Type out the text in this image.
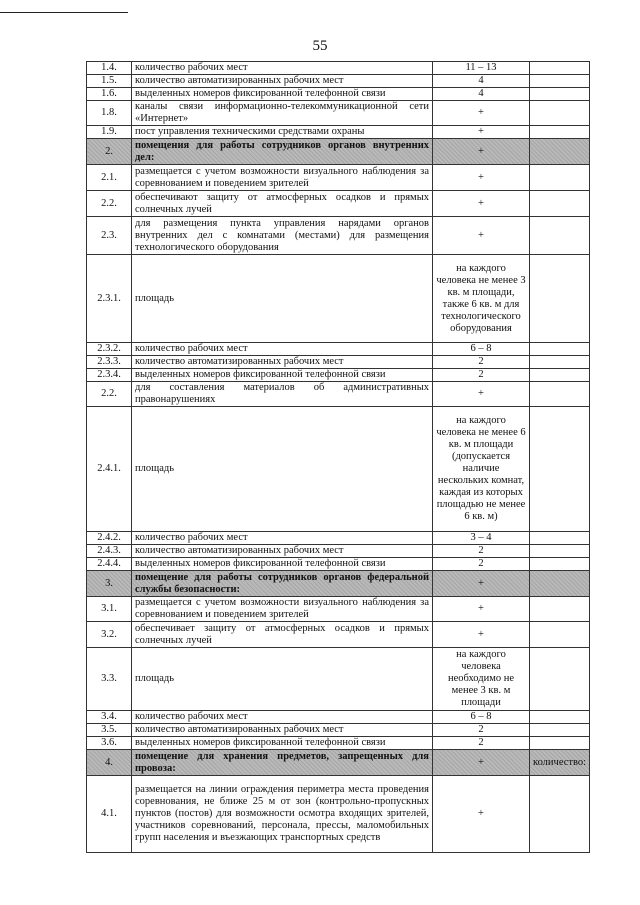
55
1.4.	количество рабочих мест	11 – 13	
1.5.	количество автоматизированных рабочих мест	4	
1.6.	выделенных номеров фиксированной телефонной связи	4	
1.8.	каналы связи информационно-телекоммуникационной сети «Интернет»	+	
1.9.	пост управления техническими средствами охраны	+	
2.	помещения для работы сотрудников органов внутренних дел:	+	
2.1.	размещается с учетом возможности визуального наблюдения за соревнованием и поведением зрителей	+	
2.2.	обеспечивают защиту от атмосферных осадков и прямых солнечных лучей	+	
2.3.	для размещения пункта управления нарядами органов внутренних дел с комнатами (местами) для размещения технологического оборудования	+	
2.3.1.	площадь	на каждого человека не менее 3 кв. м площади, также 6 кв. м для технологического оборудования	
2.3.2.	количество рабочих мест	6 – 8	
2.3.3.	количество автоматизированных рабочих мест	2	
2.3.4.	выделенных номеров фиксированной телефонной связи	2	
2.2.	для составления материалов об административных правонарушениях	+	
2.4.1.	площадь	на каждого человека не менее 6 кв. м площади (допускается наличие нескольких комнат, каждая из которых площадью не менее 6 кв. м)	
2.4.2.	количество рабочих мест	3 – 4	
2.4.3.	количество автоматизированных рабочих мест	2	
2.4.4.	выделенных номеров фиксированной телефонной связи	2	
3.	помещение для работы сотрудников органов федеральной службы безопасности:	+	
3.1.	размещается с учетом возможности визуального наблюдения за соревнованием и поведением зрителей	+	
3.2.	обеспечивает защиту от атмосферных осадков и прямых солнечных лучей	+	
3.3.	площадь	на каждого человека необходимо не менее 3 кв. м площади	
3.4.	количество рабочих мест	6 – 8	
3.5.	количество автоматизированных рабочих мест	2	
3.6.	выделенных номеров фиксированной телефонной связи	2	
4.	помещение для хранения предметов, запрещенных для провоза:	+	количество:
4.1.	размещается на линии ограждения периметра места проведения соревнования, не ближе 25 м от зон (контрольно-пропускных пунктов (постов) для возможности осмотра входящих зрителей, участников соревнований, персонала, прессы, маломобильных групп населения и въезжающих транспортных средств	+	
